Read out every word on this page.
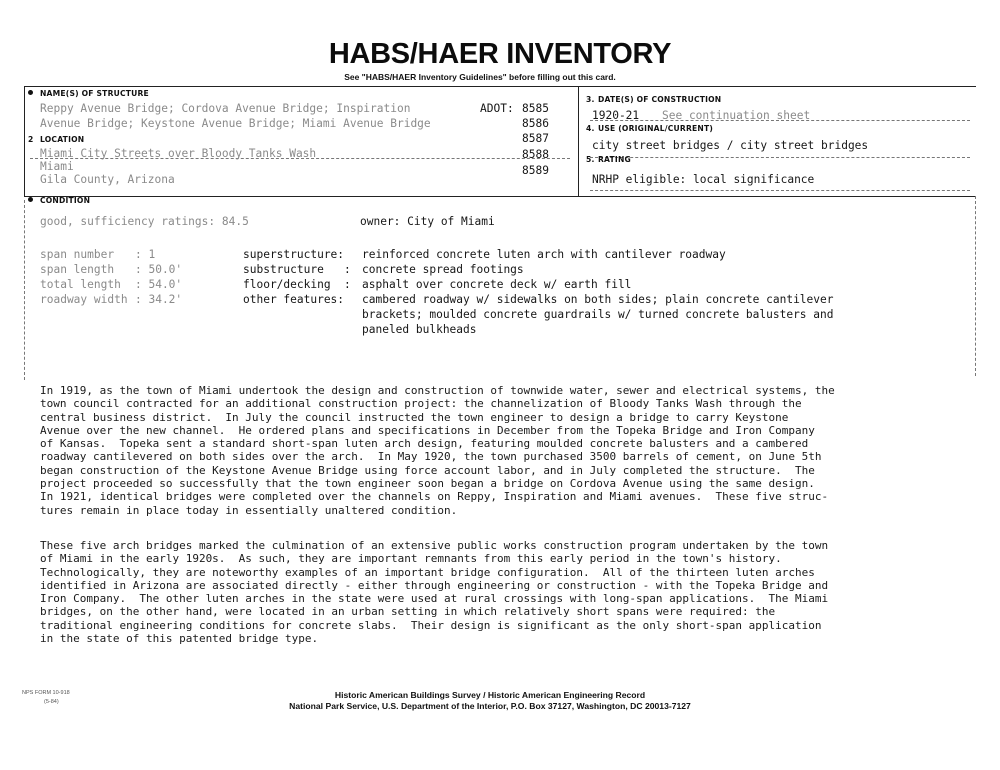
HABS/HAER INVENTORY
See "HABS/HAER Inventory Guidelines" before filling out this card.
NAME(S) OF STRUCTURE
2 LOCATION
3. DATE(S) OF CONSTRUCTION
4. USE (ORIGINAL/CURRENT)
5. RATING
CONDITION
Reppy Avenue Bridge; Cordova Avenue Bridge; Inspiration
Avenue Bridge; Keystone Avenue Bridge; Miami Avenue Bridge
ADOT: 8585
8586
8587
8588
8589
Miami City Streets over Bloody Tanks Wash
Miami
Gila County, Arizona
1920-21 See continuation sheet
city street bridges / city street bridges
NRHP eligible: local significance
good, sufficiency ratings: 84.5	owner: City of Miami
span number : 1
span length : 50.0'
total length : 54.0'
roadway width : 34.2'
superstructure: reinforced concrete luten arch with cantilever roadway
substructure   : concrete spread footings
floor/decking  : asphalt over concrete deck w/ earth fill
other features: cambered roadway w/ sidewalks on both sides; plain concrete cantilever
brackets; moulded concrete guardrails w/ turned concrete balusters and
paneled bulkheads
In 1919, as the town of Miami undertook the design and construction of townwide water, sewer and electrical systems, the
town council contracted for an additional construction project: the channelization of Bloody Tanks Wash through the
central business district.  In July the council instructed the town engineer to design a bridge to carry Keystone
Avenue over the new channel.  He ordered plans and specifications in December from the Topeka Bridge and Iron Company
of Kansas.  Topeka sent a standard short-span luten arch design, featuring moulded concrete balusters and a cambered
roadway cantilevered on both sides over the arch.  In May 1920, the town purchased 3500 barrels of cement, on June 5th
began construction of the Keystone Avenue Bridge using force account labor, and in July completed the structure.  The
project proceeded so successfully that the town engineer soon began a bridge on Cordova Avenue using the same design.
In 1921, identical bridges were completed over the channels on Reppy, Inspiration and Miami avenues.  These five struc-
tures remain in place today in essentially unaltered condition.
These five arch bridges marked the culmination of an extensive public works construction program undertaken by the town
of Miami in the early 1920s.  As such, they are important remnants from this early period in the town's history.
Technologically, they are noteworthy examples of an important bridge configuration.  All of the thirteen luten arches
identified in Arizona are associated directly - either through engineering or construction - with the Topeka Bridge and
Iron Company.  The other luten arches in the state were used at rural crossings with long-span applications.  The Miami
bridges, on the other hand, were located in an urban setting in which relatively short spans were required: the
traditional engineering conditions for concrete slabs.  Their design is significant as the only short-span application
in the state of this patented bridge type.
NPS FORM 10-918
(5-84)
Historic American Buildings Survey / Historic American Engineering Record
National Park Service, U.S. Department of the Interior, P.O. Box 37127, Washington, DC 20013-7127
